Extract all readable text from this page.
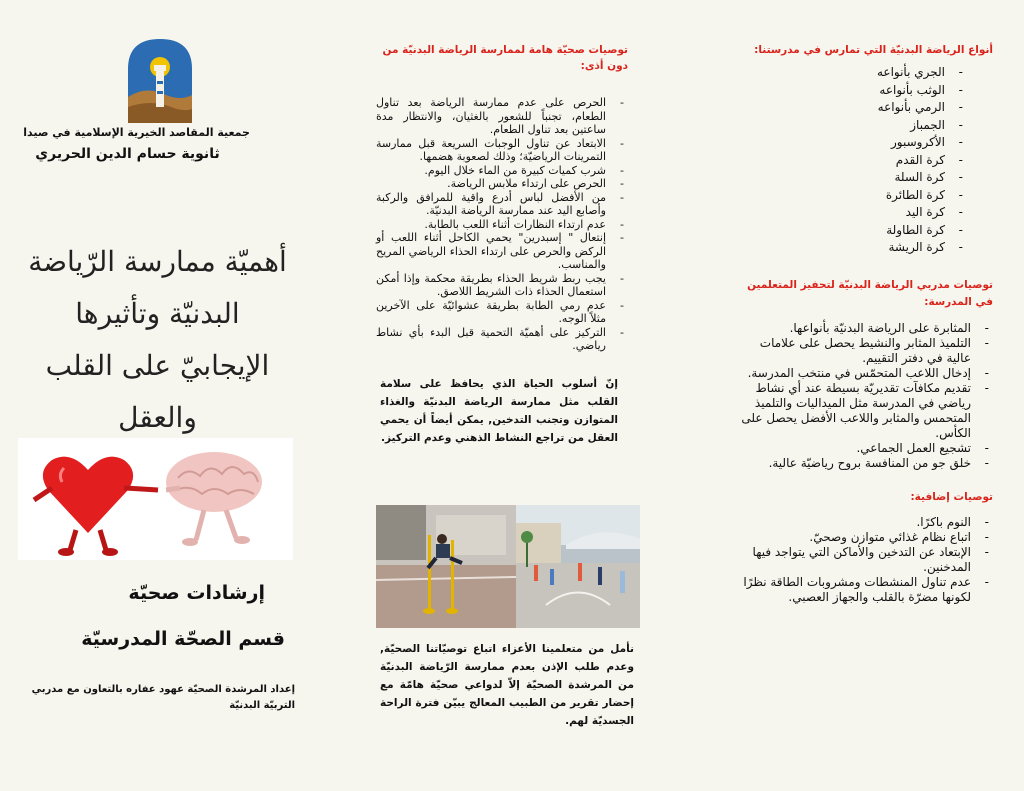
أنواع الرياضة البدنيّة التي تمارس في مدرستنا:
- الجري بأنواعه
- الوثب بأنواعه
- الرمي بأنواعه
- الجمباز
- الأكروسبور
- كرة القدم
- كرة السلة
- كرة الطائرة
- كرة اليد
- كرة الطاولة
- كرة الريشة
توصيات مدربي الرياضة البدنيّة لتحفيز المتعلمين في المدرسة:
- المثابرة على الرياضة البدنيّة بأنواعها.
- التلميذ المثابر والنشيط يحصل على علامات عالية في دفتر التقييم.
- إدخال اللاعب المتحمّس في منتخب المدرسة.
- تقديم مكافآت تقديريّة بسيطة عند أي نشاط رياضي في المدرسة مثل الميداليات والتلميذ المتحمس والمثابر واللاعب الأفضل يحصل على الكأس.
- تشجيع العمل الجماعي.
- خلق جو من المنافسة بروح رياضيّة عالية.
توصيات إضافية:
- النوم باكرًا.
- اتباع نظام غذائي متوازن وصحيّ.
- الإبتعاد عن التدخين والأماكن التي يتواجد فيها المدخنين.
- عدم تناول المنشطات ومشروبات الطاقة نظرًا لكونها مضرّة بالقلب والجهاز العصبي.
توصيات صحيّة هامة لممارسة الرياضة البدنيّة من دون أذى:
- الحرص على عدم ممارسة الرياضة بعد تناول الطعام، تجنباً للشعور بالغثيان، والانتظار مدة ساعتين بعد تناول الطعام.
- الابتعاد عن تناول الوجبات السريعة قبل ممارسة التمرينات الرياضيّة؛ وذلك لصعوبة هضمها.
- شرب كميات كبيرة من الماء خلال اليوم.
- الحرص على ارتداء ملابس الرياضة.
- من الأفضل لباس أدرع واقية للمرافق والركبة وأصابع اليد عند ممارسة الرياضة البدنيّة.
- عدم ارتداء النظارات أثناء اللعب بالطابة.
- إنتعال " إسبدرين" يحمي الكاحل أثناء اللعب أو الركض والحرص على ارتداء الحذاء الرياضي المريح والمناسب.
- يجب ربط شريط الحذاء بطريقة محكمة وإذا أمكن استعمال الحذاء ذات الشريط اللاصق.
- عدم رمي الطابة بطريقة عشوائيّة على الآخرين مثلاً الوجه.
- التركيز على أهميّة التحمية قبل البدء بأي نشاط رياضي.
إنّ أسلوب الحياة الذي يحافظ على سلامة القلب مثل ممارسة الرياضة البدنيّة والغذاء المتوازن وتجنب التدخين, يمكن أيضاً أن يحمي العقل من تراجع النشاط الذهني وعدم التركيز.
نأمل من متعلمينا الأعزاء اتباع توصيّاتنا الصحيّة, وعدم طلب الإذن بعدم ممارسة الرّياضة البدنيّة من المرشدة الصحيّة إلاّ لدواعي صحيّة هامّة مع إحضار تقرير من الطبيب المعالج يبيّن فترة الراحة الجسديّة لهم.
جمعية المقاصد الخيرية الإسلامية في صيدا
ثانوية حسام الدين الحريري
أهميّة ممارسة الرّياضة
البدنيّة وتأثيرها
الإيجابيّ على القلب
والعقل
إرشادات صحيّة
قسم الصحّة المدرسيّة
إعداد المرشدة الصحيّة عهود عفاره بالتعاون مع مدربي التربيّة البدنيّة
